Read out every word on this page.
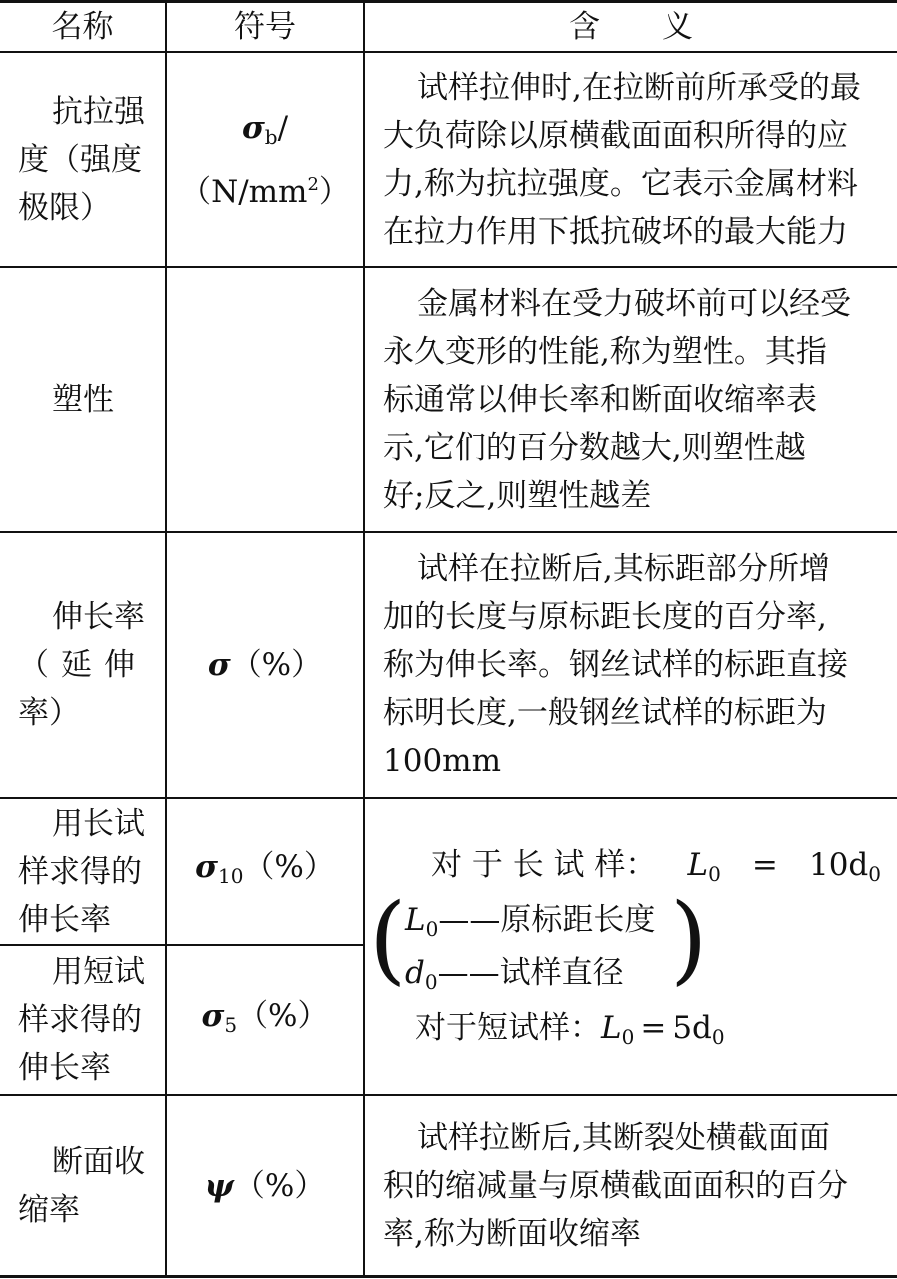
名称	符号	含　　义
抗拉强
度（强度
极限）
$\sigma_b/(N/mm^2)$

试样拉伸时,在拉断前所承受的最

大负荷除以原横截面面积所得的应

力,称为抗拉强度。它表示金属材料

在拉力作用下抵抗破坏的最大能力

塑性

金属材料在受力破坏前可以经受

永久变形的性能,称为塑性。其指

标通常以伸长率和断面收缩率表

示,它们的百分数越大,则塑性越

好;反之,则塑性越差

伸长率
（延伸
率）
σ（%）

试样在拉断后,其标距部分所增

加的长度与原标距长度的百分率,

称为伸长率。钢丝试样的标距直接

标明长度,一般钢丝试样的标距为

100mm

用长试
样求得的
伸长率
$\sigma_{10}(\%)$
用短试
样求得的
伸长率
$\sigma_5(\%)$
对 于 长 试 样： $L_0 = 10d_0$
(
$L_0——$原标距长度
$d_0——$试样直径 )
对于短试样：$L_0 = 5d_0$
断面收
缩率
ψ（%）

试样拉断后,其断裂处横截面面

积的缩减量与原横截面面积的百分

率,称为断面收缩率
